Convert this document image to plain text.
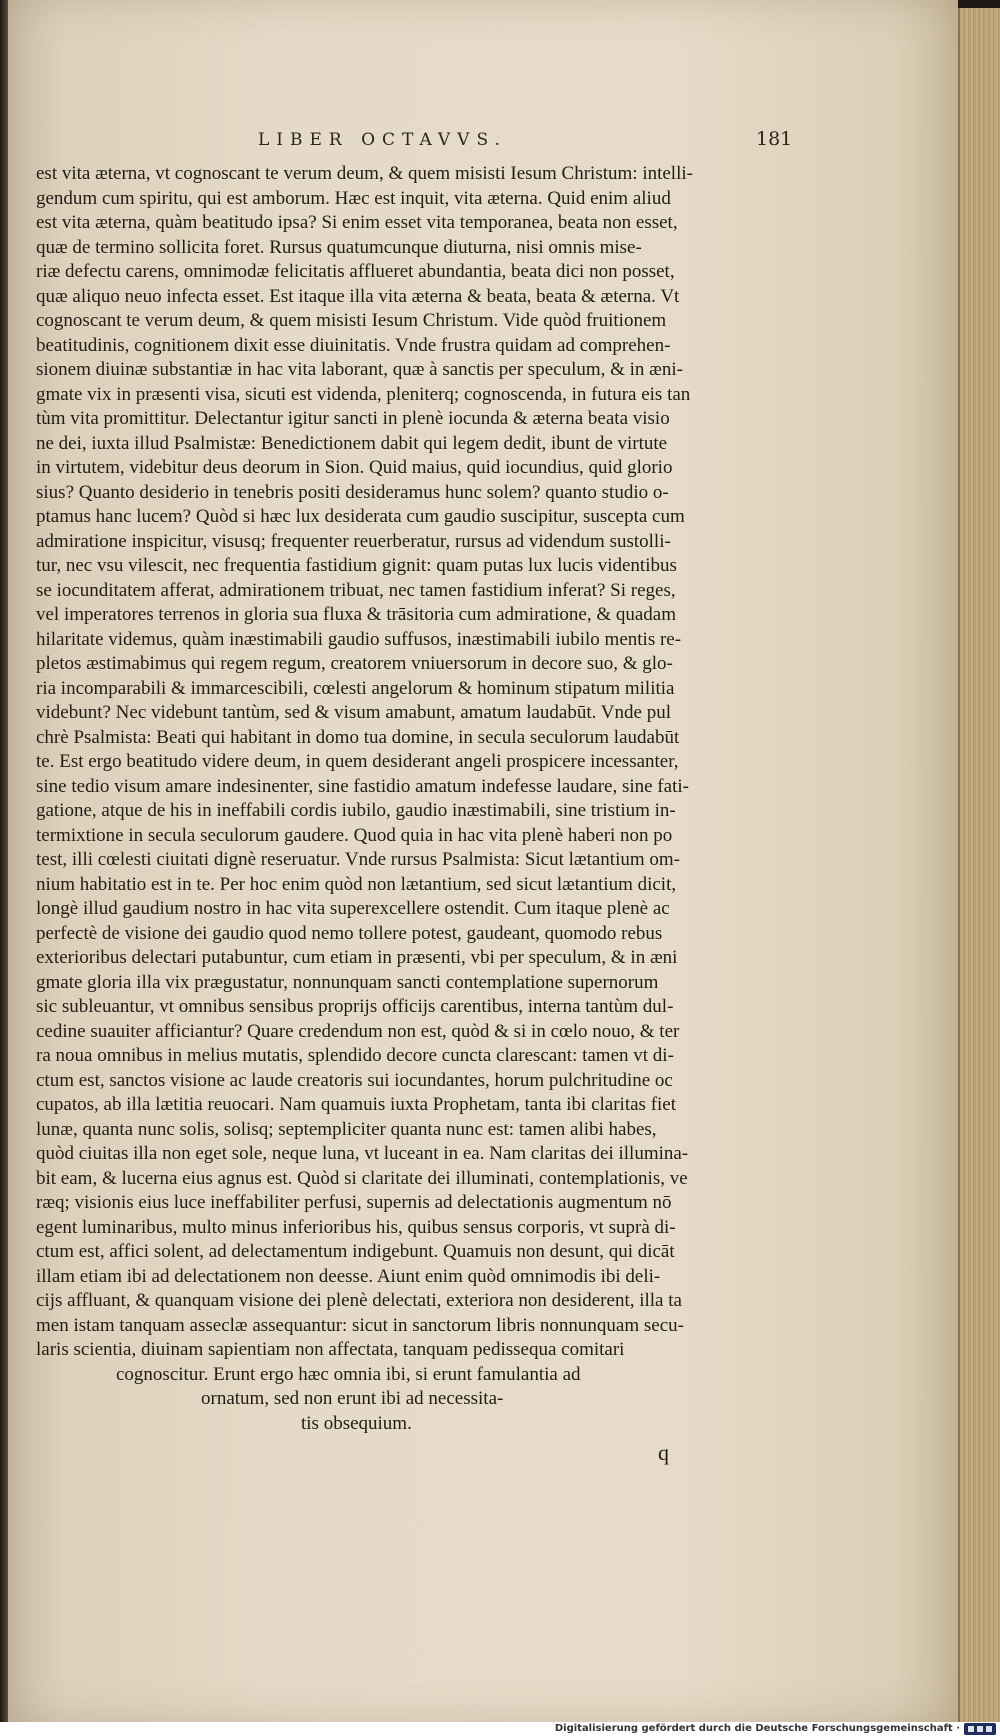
LIBER OCTAVVS.	181
est vita æterna, vt cognoscant te verum deum, & quem misisti Iesum Christum: intelli-
gendum cum spiritu, qui est amborum. Hæc est inquit, vita æterna. Quid enim aliud
est vita æterna, quàm beatitudo ipsa? Si enim esset vita temporanea, beata non esset,
quæ de termino sollicita foret. Rursus quatumcunque diuturna, nisi omnis mise-
riæ defectu carens, omnimodæ felicitatis afflueret abundantia, beata dici non posset,
quæ aliquo neuo infecta esset. Est itaque illa vita æterna & beata, beata & æterna. Vt
cognoscant te verum deum, & quem misisti Iesum Christum. Vide quòd fruitionem
beatitudinis, cognitionem dixit esse diuinitatis. Vnde frustra quidam ad comprehen-
sionem diuinæ substantiæ in hac vita laborant, quæ à sanctis per speculum, & in æni-
gmate vix in præsenti visa, sicuti est videnda, pleniterq; cognoscenda, in futura eis tan
tùm vita promittitur. Delectantur igitur sancti in plenè iocunda & æterna beata visio
ne dei, iuxta illud Psalmistæ: Benedictionem dabit qui legem dedit, ibunt de virtute
in virtutem, videbitur deus deorum in Sion. Quid maius, quid iocundius, quid glorio
sius? Quanto desiderio in tenebris positi desideramus hunc solem? quanto studio o-
ptamus hanc lucem? Quòd si hæc lux desiderata cum gaudio suscipitur, suscepta cum
admiratione inspicitur, visusq; frequenter reuerberatur, rursus ad videndum sustolli-
tur, nec vsu vilescit, nec frequentia fastidium gignit: quam putas lux lucis videntibus
se iocunditatem afferat, admirationem tribuat, nec tamen fastidium inferat? Si reges,
vel imperatores terrenos in gloria sua fluxa & trāsitoria cum admiratione, & quadam
hilaritate videmus, quàm inæstimabili gaudio suffusos, inæstimabili iubilo mentis re-
pletos æstimabimus qui regem regum, creatorem vniuersorum in decore suo, & glo-
ria incomparabili & immarcescibili, cœlesti angelorum & hominum stipatum militia
videbunt? Nec videbunt tantùm, sed & visum amabunt, amatum laudabūt. Vnde pul
chrè Psalmista: Beati qui habitant in domo tua domine, in secula seculorum laudabūt
te. Est ergo beatitudo videre deum, in quem desiderant angeli prospicere incessanter,
sine tedio visum amare indesinenter, sine fastidio amatum indefesse laudare, sine fati-
gatione, atque de his in ineffabili cordis iubilo, gaudio inæstimabili, sine tristium in-
termixtione in secula seculorum gaudere. Quod quia in hac vita plenè haberi non po
test, illi cœlesti ciuitati dignè reseruatur. Vnde rursus Psalmista: Sicut lætantium om-
nium habitatio est in te. Per hoc enim quòd non lætantium, sed sicut lætantium dicit,
longè illud gaudium nostro in hac vita superexcellere ostendit. Cum itaque plenè ac
perfectè de visione dei gaudio quod nemo tollere potest, gaudeant, quomodo rebus
exterioribus delectari putabuntur, cum etiam in præsenti, vbi per speculum, & in æni
gmate gloria illa vix prægustatur, nonnunquam sancti contemplatione supernorum
sic subleuantur, vt omnibus sensibus proprijs officijs carentibus, interna tantùm dul-
cedine suauiter afficiantur? Quare credendum non est, quòd & si in cœlo nouo, & ter
ra noua omnibus in melius mutatis, splendido decore cuncta clarescant: tamen vt di-
ctum est, sanctos visione ac laude creatoris sui iocundantes, horum pulchritudine oc
cupatos, ab illa lætitia reuocari. Nam quamuis iuxta Prophetam, tanta ibi claritas fiet
lunæ, quanta nunc solis, solisq; septempliciter quanta nunc est: tamen alibi habes,
quòd ciuitas illa non eget sole, neque luna, vt luceant in ea. Nam claritas dei illumina-
bit eam, & lucerna eius agnus est. Quòd si claritate dei illuminati, contemplationis, ve
ræq; visionis eius luce ineffabiliter perfusi, supernis ad delectationis augmentum nō
egent luminaribus, multo minus inferioribus his, quibus sensus corporis, vt suprà di-
ctum est, affici solent, ad delectamentum indigebunt. Quamuis non desunt, qui dicāt
illam etiam ibi ad delectationem non deesse. Aiunt enim quòd omnimodis ibi deli-
cijs affluant, & quanquam visione dei plenè delectati, exteriora non desiderent, illa ta
men istam tanquam asseclæ assequantur: sicut in sanctorum libris nonnunquam secu-
laris scientia, diuinam sapientiam non affectata, tanquam pedissequa comitari
cognoscitur. Erunt ergo hæc omnia ibi, si erunt famulantia ad
ornatum, sed non erunt ibi ad necessita-
tis obsequium.
q
Digitalisierung gefördert durch die Deutsche Forschungsgemeinschaft ·
